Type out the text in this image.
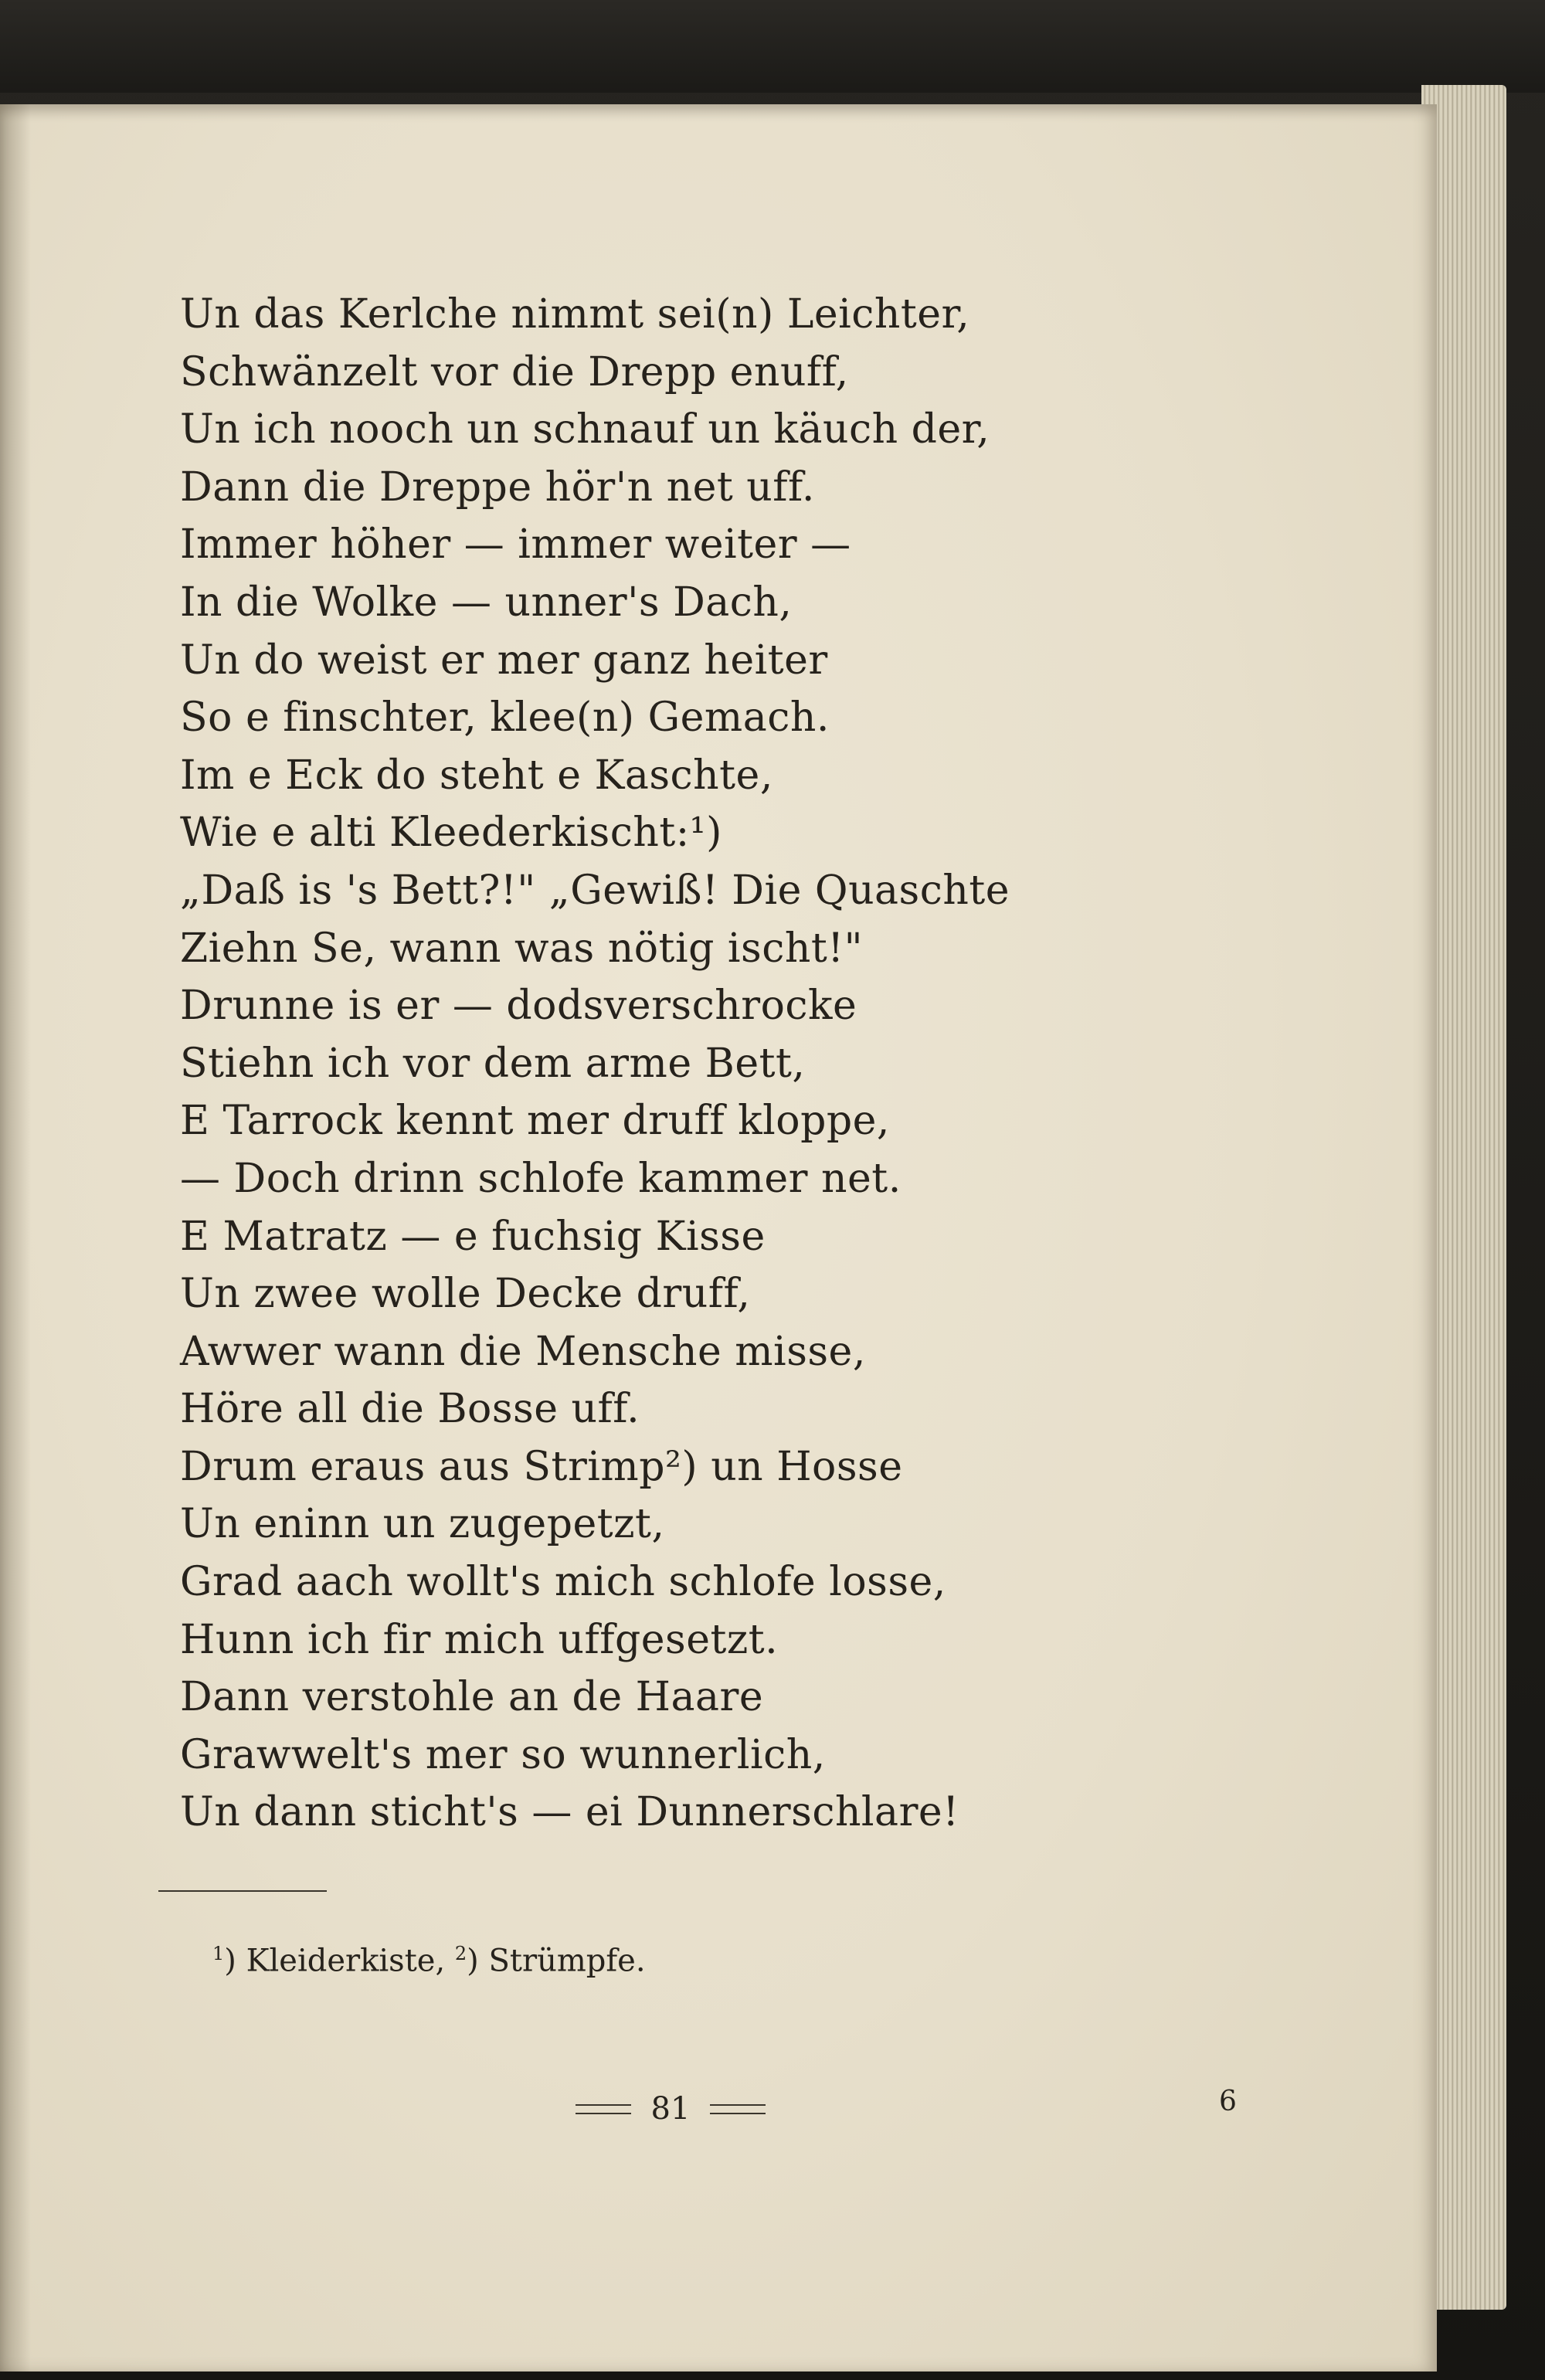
Un das Kerlche nimmt sei(n) Leichter,
Schwänzelt vor die Drepp enuff,
Un ich nooch un schnauf un käuch der,
Dann die Dreppe hör'n net uff.
Immer höher — immer weiter —
In die Wolke — unner's Dach,
Un do weist er mer ganz heiter
So e finschter, klee(n) Gemach.
Im e Eck do steht e Kaschte,
Wie e alti Kleederkischt:¹)
„Daß is 's Bett?!" „Gewiß! Die Quaschte
Ziehn Se, wann was nötig ischt!"
Drunne is er — dodsverschrocke
Stiehn ich vor dem arme Bett,
E Tarrock kennt mer druff kloppe,
— Doch drinn schlofe kammer net.
E Matratz — e fuchsig Kisse
Un zwee wolle Decke druff,
Awwer wann die Mensche misse,
Höre all die Bosse uff.
Drum eraus aus Strimp²) un Hosse
Un eninn un zugepetzt,
Grad aach wollt's mich schlofe losse,
Hunn ich fir mich uffgesetzt.
Dann verstohle an de Haare
Grawwelt's mer so wunnerlich,
Un dann sticht's — ei Dunnerschlare!
$^1$) Kleiderkiste, $^2$) Strümpfe.
81	6
